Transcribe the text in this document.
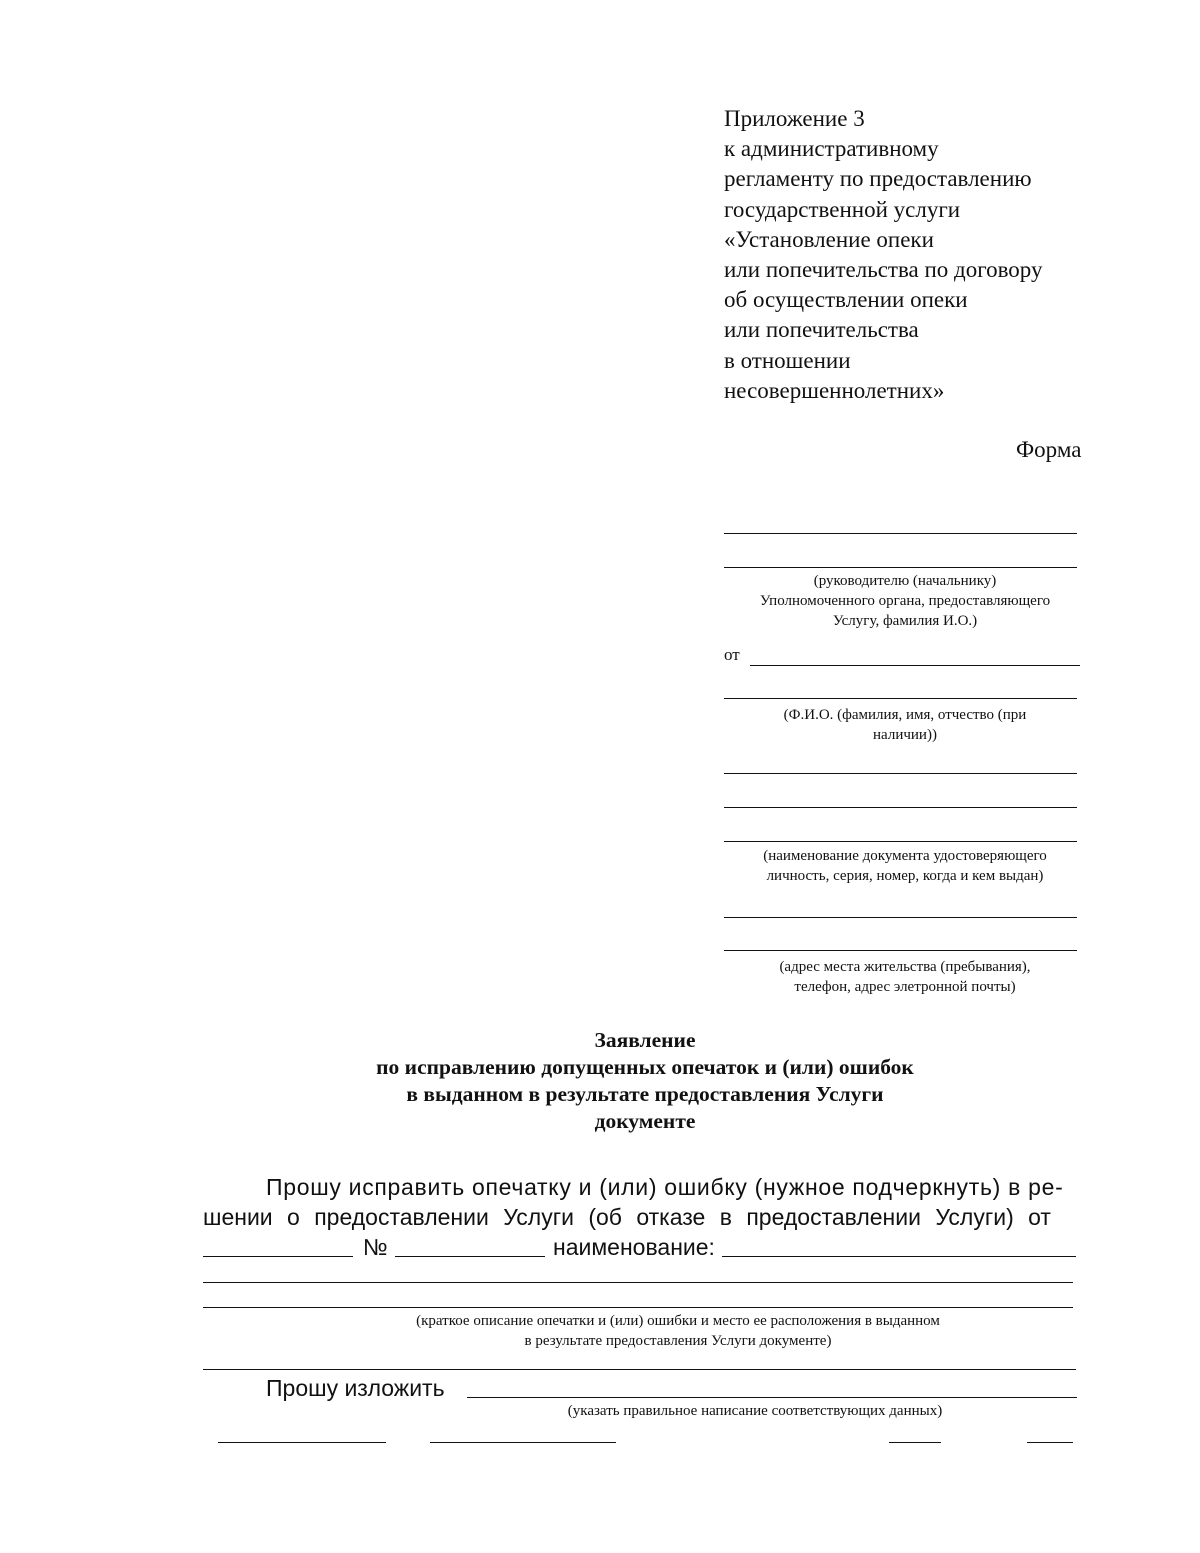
Приложение 3
к административному
регламенту по предоставлению
государственной услуги
«Установление опеки
или попечительства по договору
об осуществлении опеки
или попечительства
в отношении
несовершеннолетних»
Форма
(руководителю (начальнику)
Уполномоченного органа, предоставляющего
Услугу, фамилия И.О.)
от
(Ф.И.О. (фамилия, имя, отчество (при
наличии))
(наименование документа удостоверяющего
личность, серия, номер, когда и кем выдан)
(адрес места жительства (пребывания),
телефон, адрес элетронной почты)
Заявление
по исправлению допущенных опечаток и (или) ошибок
в выданном в результате предоставления Услуги
документе
Прошу исправить опечатку и (или) ошибку (нужное подчеркнуть) в ре-
шении о предоставлении Услуги (об отказе в предоставлении Услуги) от
№	наименование:
(краткое описание опечатки и (или) ошибки и место ее расположения в выданном
в результате предоставления Услуги документе)
Прошу изложить
(указать правильное написание соответствующих данных)
